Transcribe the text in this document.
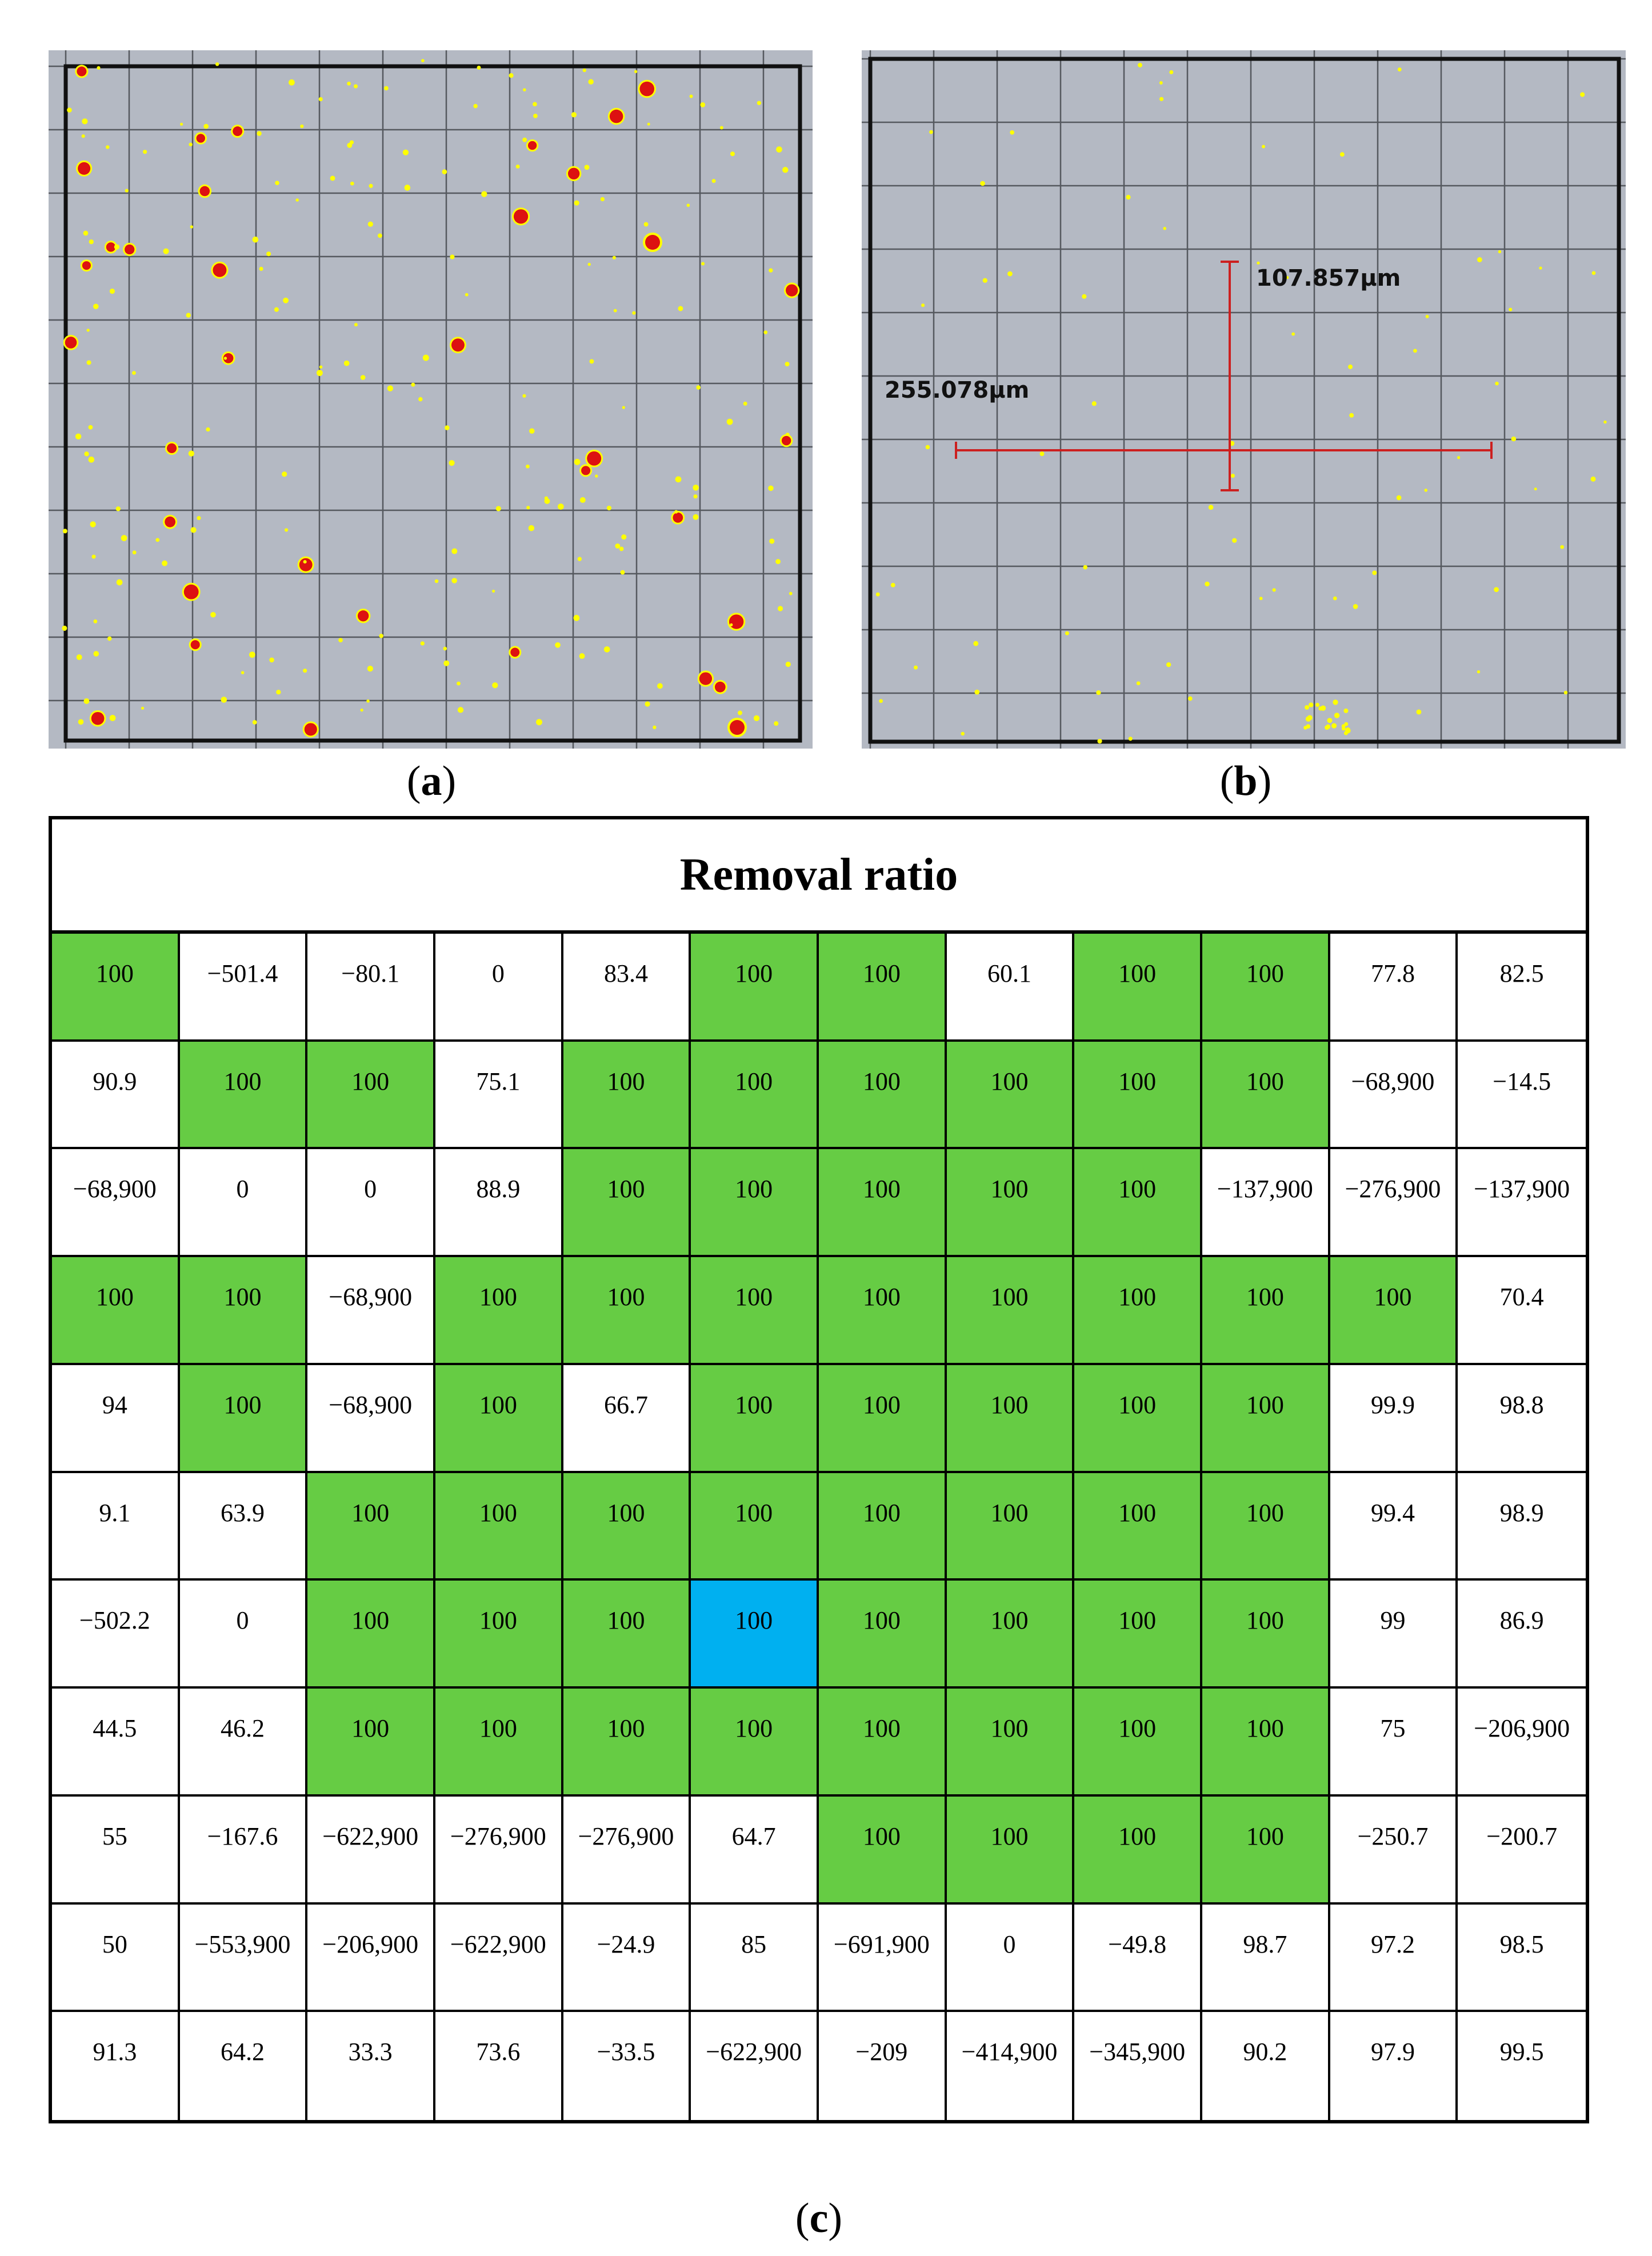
(a)
107.857μm
255.078μm
(b)
Removal ratio
100	−501.4	−80.1	0	83.4	100	100	60.1	100	100	77.8	82.5
90.9	100	100	75.1	100	100	100	100	100	100	−68,900	−14.5
−68,900	0	0	88.9	100	100	100	100	100	−137,900	−276,900	−137,900
100	100	−68,900	100	100	100	100	100	100	100	100	70.4
94	100	−68,900	100	66.7	100	100	100	100	100	99.9	98.8
9.1	63.9	100	100	100	100	100	100	100	100	99.4	98.9
−502.2	0	100	100	100	100	100	100	100	100	99	86.9
44.5	46.2	100	100	100	100	100	100	100	100	75	−206,900
55	−167.6	−622,900	−276,900	−276,900	64.7	100	100	100	100	−250.7	−200.7
50	−553,900	−206,900	−622,900	−24.9	85	−691,900	0	−49.8	98.7	97.2	98.5
91.3	64.2	33.3	73.6	−33.5	−622,900	−209	−414,900	−345,900	90.2	97.9	99.5
(c)
